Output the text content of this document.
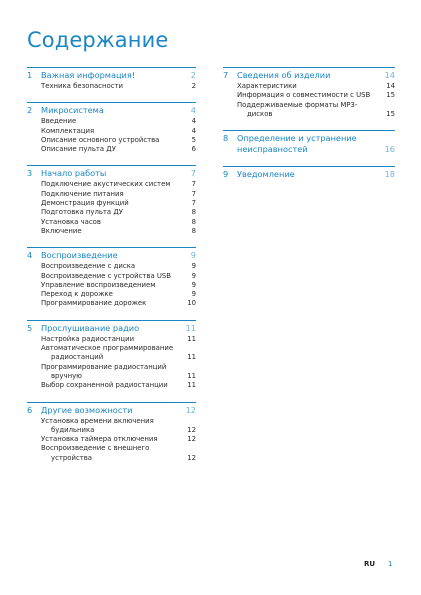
Содержание
1	Важная информация!	2
Техника безопасности	2
2	Микросистема	4
Введение	4
Комплектация	4
Описание основного устройства	5
Описание пульта ДУ	6
3	Начало работы	7
Подключение акустических систем	7
Подключение питания	7
Демонстрация функций	7
Подготовка пульта ДУ	8
Установка часов	8
Включение	8
4	Воспроизведение	9
Воспроизведение с диска	9
Воспроизведение с устройства USB	9
Управление воспроизведением	9
Переход к дорожке	9
Программирование дорожек	10
5	Прослушивание радио	11
Настройка радиостанции	11
Автоматическое программирование радиостанций	11
Программирование радиостанций вручную	11
Выбор сохраненной радиостанции	11
6	Другие возможности	12
Установка времени включения будильника	12
Установка таймера отключения	12
Воспроизведение с внешнего устройства	12
7	Сведения об изделии	14
Характеристики	14
Информация о совместимости с USB	15
Поддерживаемые форматы MP3-дисков	15
8	Определение и устранение неисправностей	16
9	Уведомление	18
RU 1
